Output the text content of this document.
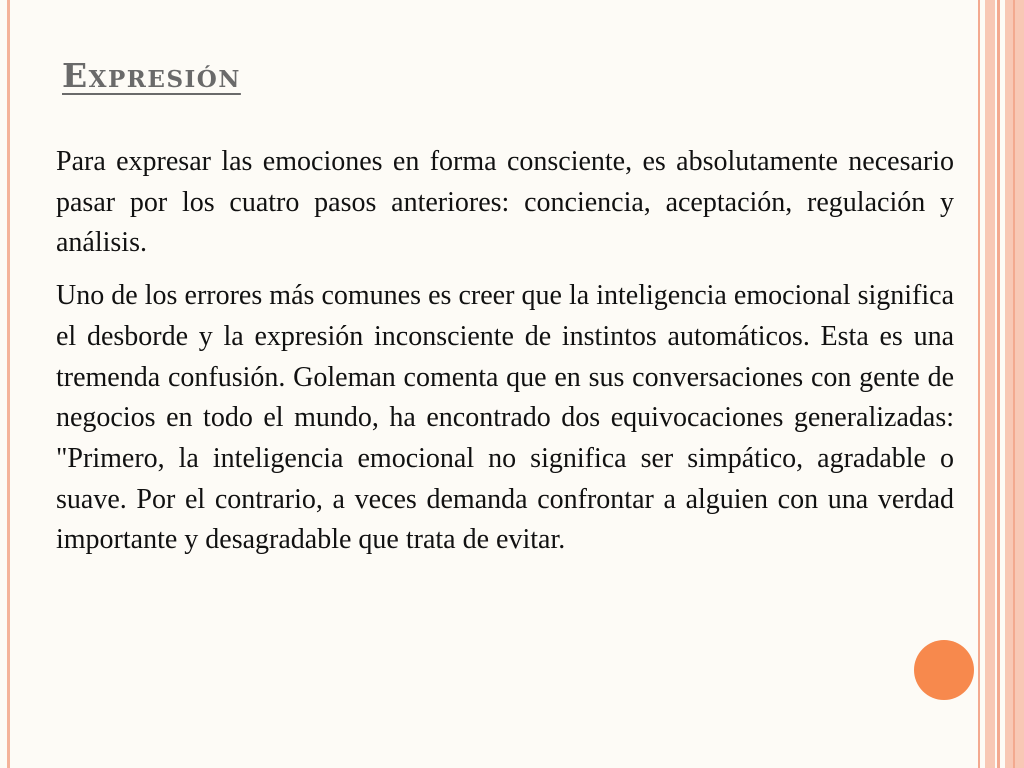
Expresión

Para expresar las emociones en forma consciente, es absolutamente necesario pasar por los cuatro pasos anteriores: conciencia, aceptación, regulación y análisis.

Uno de los errores más comunes es creer que la inteligencia emocional significa el desborde y la expresión inconsciente de instintos automáticos. Esta es una tremenda confusión. Goleman comenta que en sus conversaciones con gente de negocios en todo el mundo, ha encontrado dos equivocaciones generalizadas: "Primero, la inteligencia emocional no significa ser simpático, agradable o suave. Por el contrario, a veces demanda confrontar a alguien con una verdad importante y desagradable que trata de evitar.
